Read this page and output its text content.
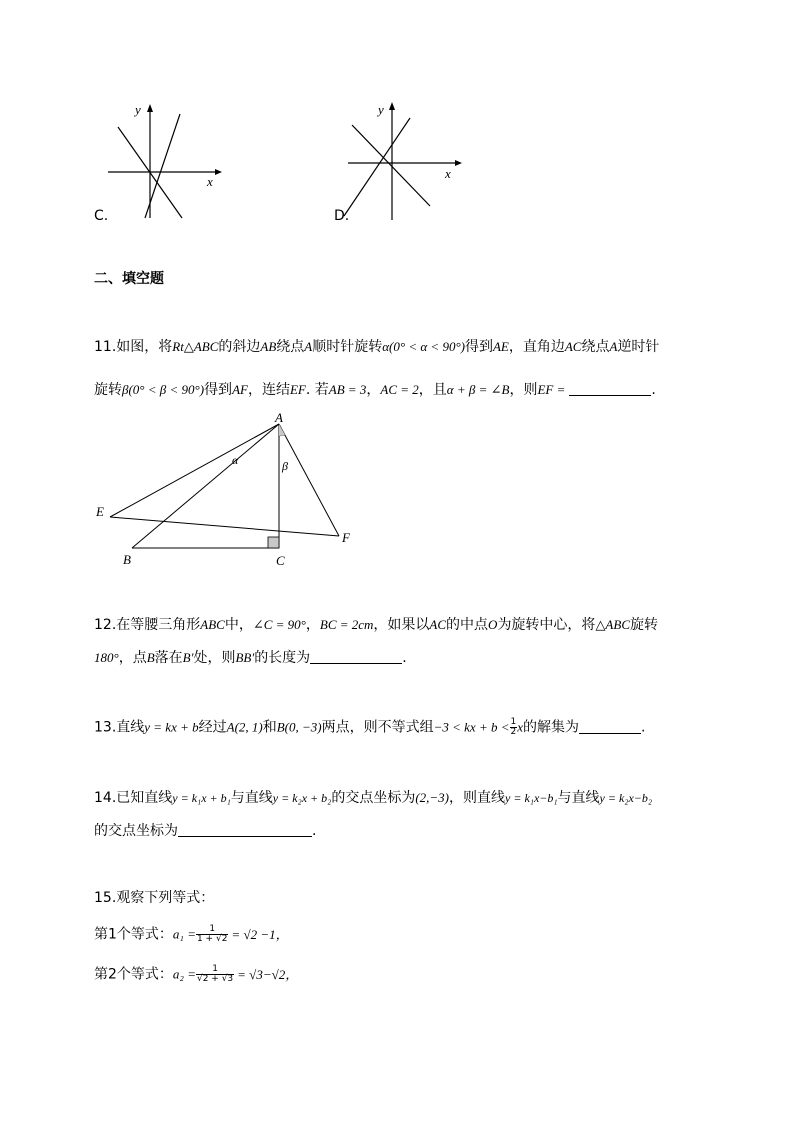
x
y
C.
x
y
D.
二、填空题
11.如图，将Rt△ABC的斜边AB绕点A顺时针旋转α(0° < α < 90°)得到AE，直角边AC绕点A逆时针
旋转β(0° < β < 90°)得到AF，连结EF. 若AB = 3，AC = 2，且α + β = ∠B，则EF =	.
A
B	C
E
F
α	β
12.在等腰三角形ABC中，∠C = 90°，BC = 2cm，如果以AC的中点O为旋转中心，将△ABC旋转
180°，点B落在B′处，则BB′的长度为	.
13.直线y = kx + b经过A(2, 1)和B(0, −3)两点，则不等式组−3 < kx + $b < \frac{1}{2}$ x的解集为	.
14.已知直线y = k₁x + b₁与直线y = k₂x + b₂的交点坐标为(2,−3)，则直线y = k₁x−b₁与直线y = k₂x−b₂
的交点坐标为	.
15.观察下列等式：
第1个等式：$a_1 = \frac{1}{1 + √2} = √2 -1$，
第2个等式：$a_2 = \frac{1}{√2 + √3} = √3-√2$，
